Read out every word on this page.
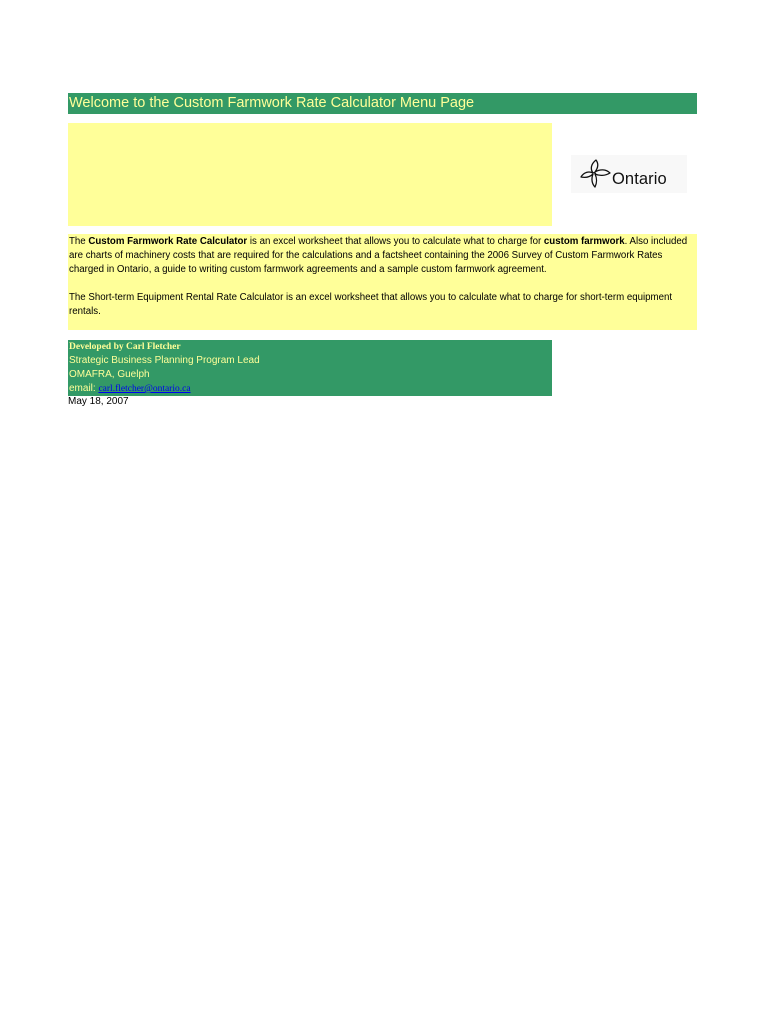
Welcome to the Custom Farmwork Rate Calculator Menu Page
Ontario

The Custom Farmwork Rate Calculator is an excel worksheet that allows you to calculate what to charge for custom farmwork. Also included are charts of machinery costs that are required for the calculations and a factsheet containing the 2006 Survey of Custom Farmwork Rates charged in Ontario, a guide to writing custom farmwork agreements and a sample custom farmwork agreement.

The Short-term Equipment Rental Rate Calculator is an excel worksheet that allows you to calculate what to charge for short-term equipment rentals.

Developed by Carl Fletcher
Strategic Business Planning Program Lead
OMAFRA, Guelph
email: carl.fletcher@ontario.ca
May 18, 2007
